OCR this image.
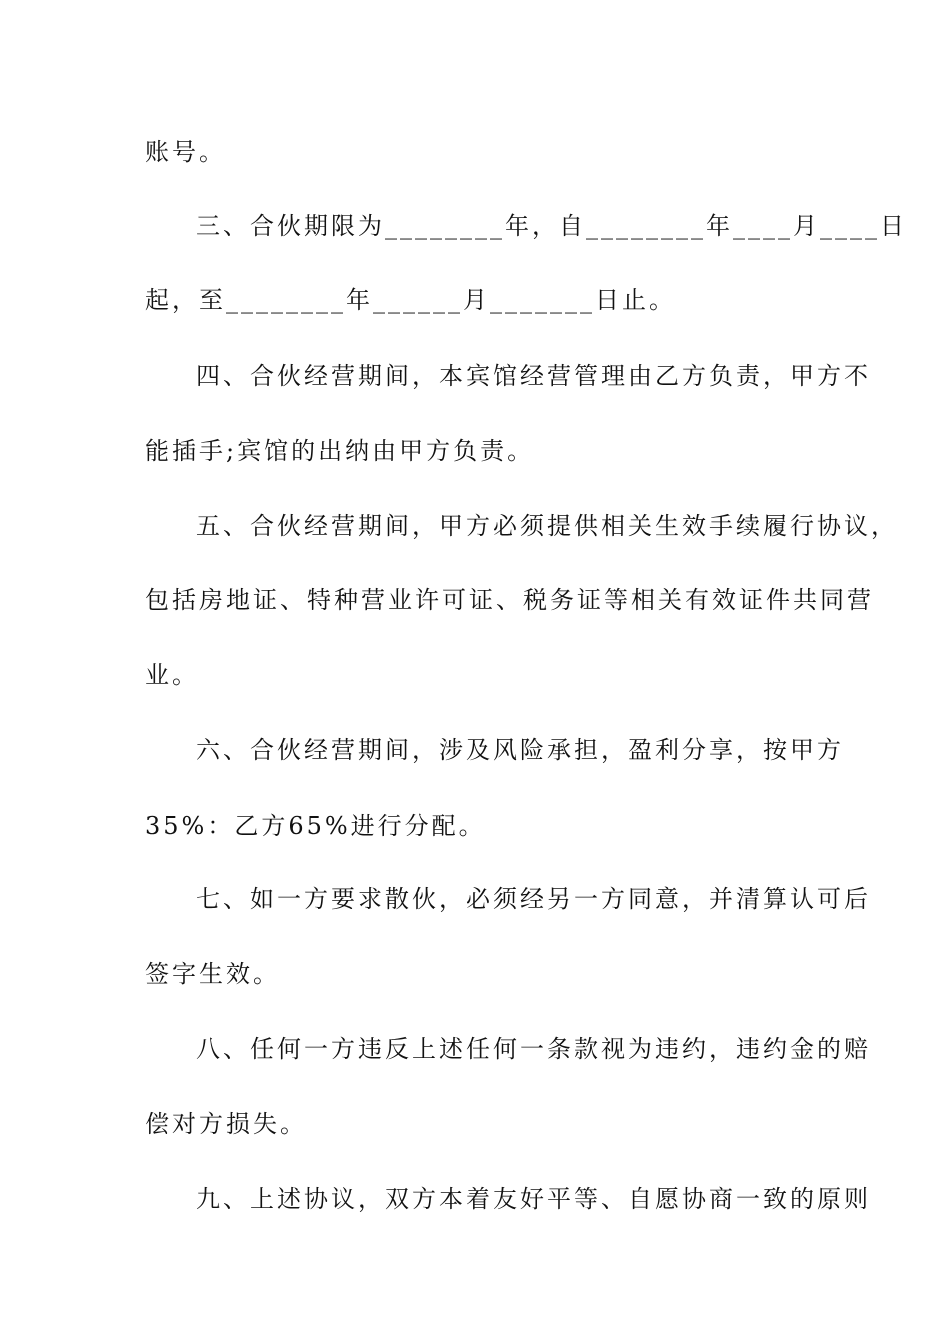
账号。
三、合伙期限为________年，自________年____月____日
起，至________年______月_______日止。
四、合伙经营期间，本宾馆经营管理由乙方负责，甲方不
能插手;宾馆的出纳由甲方负责。
五、合伙经营期间，甲方必须提供相关生效手续履行协议，
包括房地证、特种营业许可证、税务证等相关有效证件共同营
业。
六、合伙经营期间，涉及风险承担，盈利分享，按甲方
35%：乙方65%进行分配。
七、如一方要求散伙，必须经另一方同意，并清算认可后
签字生效。
八、任何一方违反上述任何一条款视为违约，违约金的赔
偿对方损失。
九、上述协议，双方本着友好平等、自愿协商一致的原则
